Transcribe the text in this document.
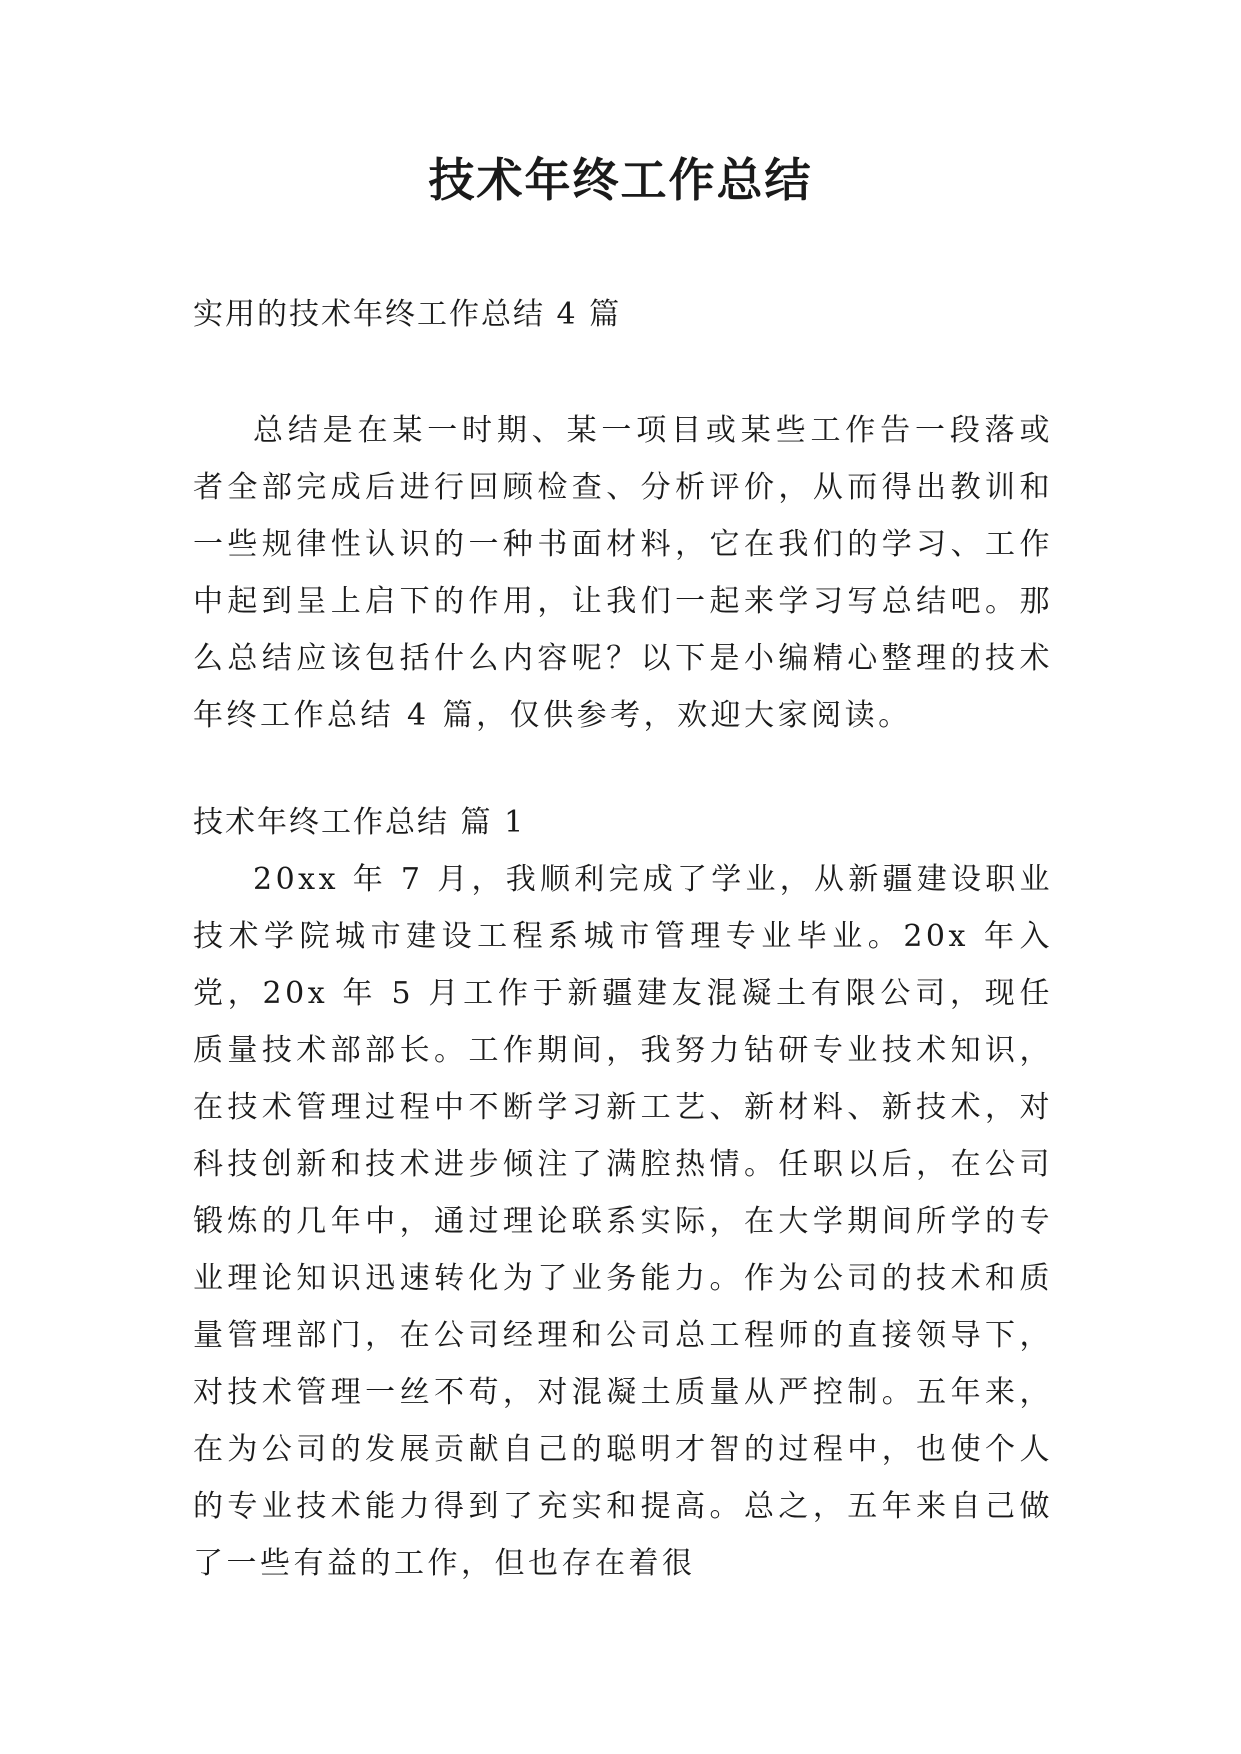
技术年终工作总结

实用的技术年终工作总结 4 篇

总结是在某一时期、某一项目或某些工作告一段落或者全部完成后进行回顾检查、分析评价，从而得出教训和一些规律性认识的一种书面材料，它在我们的学习、工作中起到呈上启下的作用，让我们一起来学习写总结吧。那么总结应该包括什么内容呢？以下是小编精心整理的技术年终工作总结 4 篇，仅供参考，欢迎大家阅读。

技术年终工作总结 篇 1

20xx 年 7 月，我顺利完成了学业，从新疆建设职业技术学院城市建设工程系城市管理专业毕业。20x 年入党，20x 年 5 月工作于新疆建友混凝土有限公司，现任质量技术部部长。工作期间，我努力钻研专业技术知识，在技术管理过程中不断学习新工艺、新材料、新技术，对科技创新和技术进步倾注了满腔热情。任职以后，在公司锻炼的几年中，通过理论联系实际，在大学期间所学的专业理论知识迅速转化为了业务能力。作为公司的技术和质量管理部门，在公司经理和公司总工程师的直接领导下，对技术管理一丝不苟，对混凝土质量从严控制。五年来，在为公司的发展贡献自己的聪明才智的过程中，也使个人的专业技术能力得到了充实和提高。总之，五年来自己做了一些有益的工作，但也存在着很
